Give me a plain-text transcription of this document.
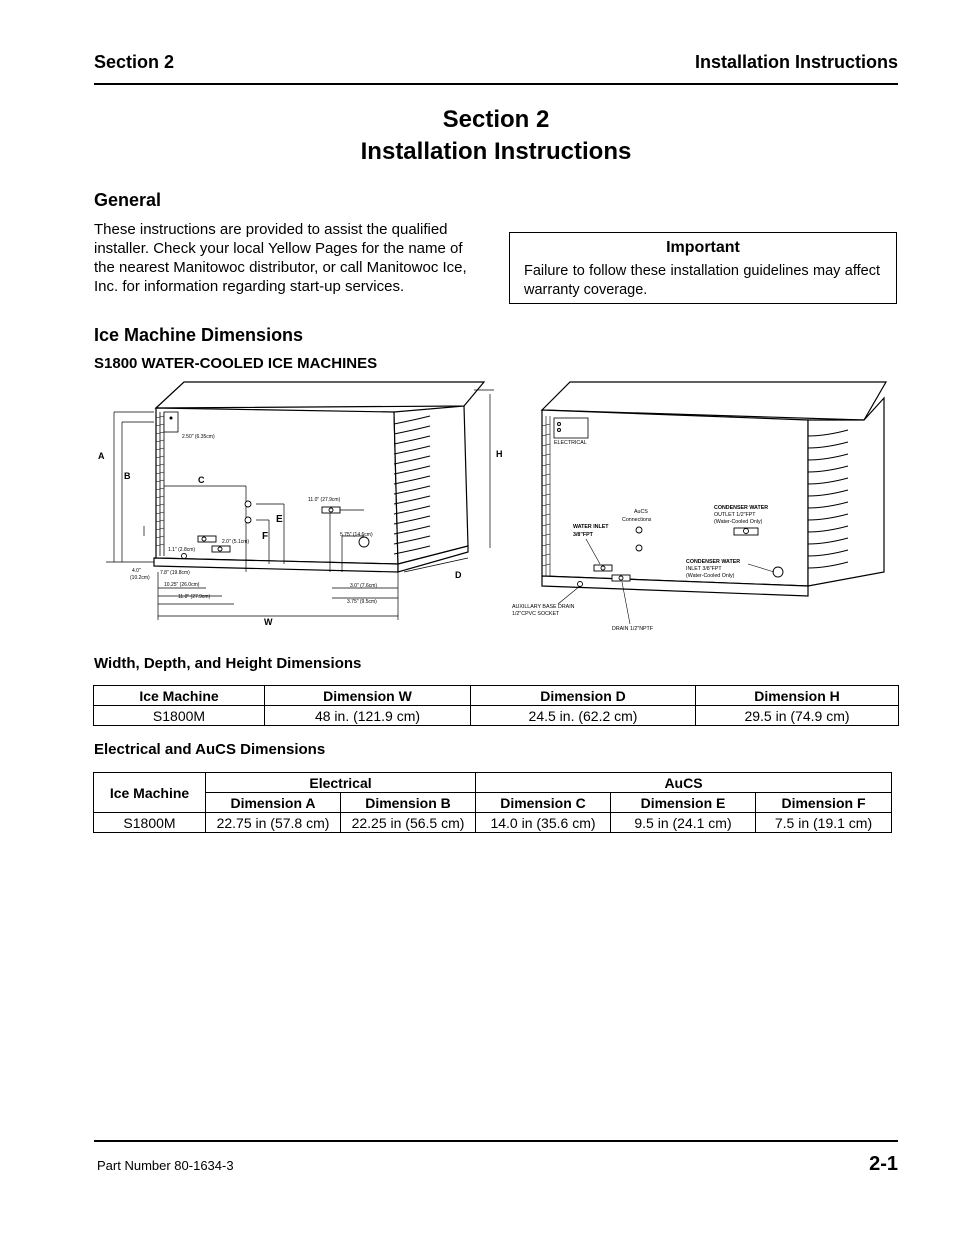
Section 2	Installation Instructions
Section 2
Installation Instructions
General
These instructions are provided to assist the qualified
installer. Check your local Yellow Pages for the name of
the nearest Manitowoc distributor, or call Manitowoc Ice,
Inc. for information regarding start-up services.
Important
Failure to follow these installation guidelines may affect warranty coverage.
Ice Machine Dimensions
S1800 WATER-COOLED ICE MACHINES
A
B	C
D
E
F
H
W
2.50" (6.35cm)
11.0" (27.9cm)
5.75" (14.6cm)
2.0" (5.1cm)
1.1" (2.8cm)
4.0"
(10.2cm)
7.8" (19.8cm)
10.25" (26.0cm)
11.0" (27.9cm)
3.0" (7.6cm)
3.75" (9.5cm)
ELECTRICAL
AuCS
Connections
WATER INLET
3/8"FPT
CONDENSER WATER
OUTLET 1/2"FPT
(Water-Cooled Only)
CONDENSER WATER
INLET 3/8"FPT
(Water-Cooled Only)
AUXILLARY BASE DRAIN
1/2"CPVC SOCKET
DRAIN 1/2"NPTF
Width, Depth, and Height Dimensions
Ice Machine	Dimension W	Dimension D	Dimension H
S1800M	48 in. (121.9 cm)	24.5 in. (62.2 cm)	29.5 in (74.9 cm)
Electrical and AuCS Dimensions
Ice Machine	Electrical		AuCS		
	Dimension A	Dimension B	Dimension C	Dimension E	Dimension F
S1800M	22.75 in (57.8 cm)	22.25 in (56.5 cm)	14.0 in (35.6 cm)	9.5 in (24.1 cm)	7.5 in (19.1 cm)
Part Number 80-1634-3	2-1
